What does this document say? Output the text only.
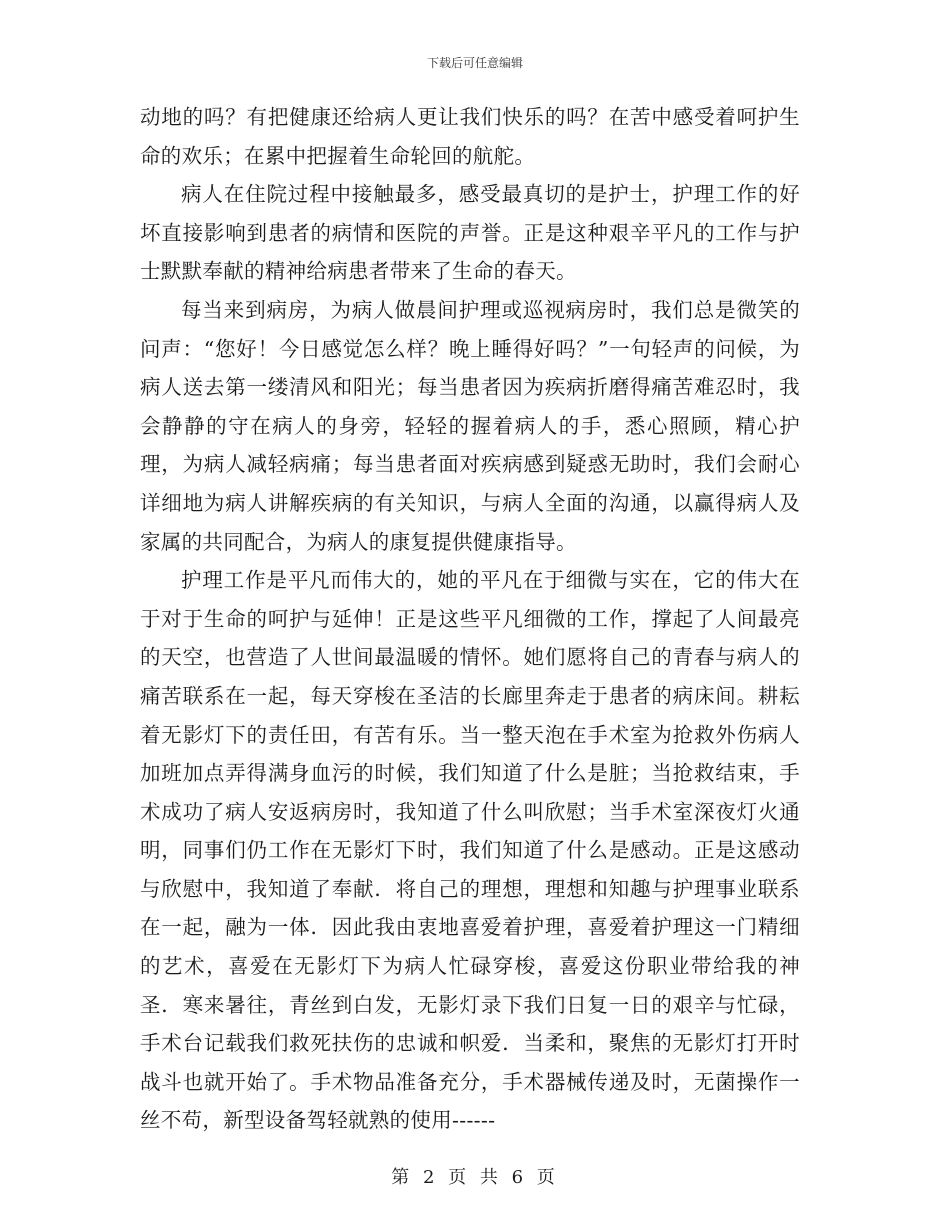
下载后可任意编辑

动地的吗？有把健康还给病人更让我们快乐的吗？在苦中感受着呵护生命的欢乐；在累中把握着生命轮回的航舵。

病人在住院过程中接触最多，感受最真切的是护士，护理工作的好坏直接影响到患者的病情和医院的声誉。正是这种艰辛平凡的工作与护士默默奉献的精神给病患者带来了生命的春天。

每当来到病房，为病人做晨间护理或巡视病房时，我们总是微笑的问声：“您好！今日感觉怎么样？晚上睡得好吗？”一句轻声的问候，为病人送去第一缕清风和阳光；每当患者因为疾病折磨得痛苦难忍时，我会静静的守在病人的身旁，轻轻的握着病人的手，悉心照顾，精心护理，为病人减轻病痛；每当患者面对疾病感到疑惑无助时，我们会耐心详细地为病人讲解疾病的有关知识，与病人全面的沟通，以赢得病人及家属的共同配合，为病人的康复提供健康指导。

护理工作是平凡而伟大的，她的平凡在于细微与实在，它的伟大在于对于生命的呵护与延伸！正是这些平凡细微的工作，撑起了人间最亮的天空，也营造了人世间最温暖的情怀。她们愿将自己的青春与病人的痛苦联系在一起，每天穿梭在圣洁的长廊里奔走于患者的病床间。耕耘着无影灯下的责任田，有苦有乐。当一整天泡在手术室为抢救外伤病人加班加点弄得满身血污的时候，我们知道了什么是脏；当抢救结束，手术成功了病人安返病房时，我知道了什么叫欣慰；当手术室深夜灯火通明，同事们仍工作在无影灯下时，我们知道了什么是感动。正是这感动与欣慰中，我知道了奉献．将自己的理想，理想和知趣与护理事业联系在一起，融为一体．因此我由衷地喜爱着护理，喜爱着护理这一门精细的艺术，喜爱在无影灯下为病人忙碌穿梭，喜爱这份职业带给我的神圣．寒来暑往，青丝到白发，无影灯录下我们日复一日的艰辛与忙碌，手术台记载我们救死扶伤的忠诚和帜爱．当柔和，聚焦的无影灯打开时战斗也就开始了。手术物品准备充分，手术器械传递及时，无菌操作一丝不苟，新型设备驾轻就熟的使用------

第 2 页 共 6 页
